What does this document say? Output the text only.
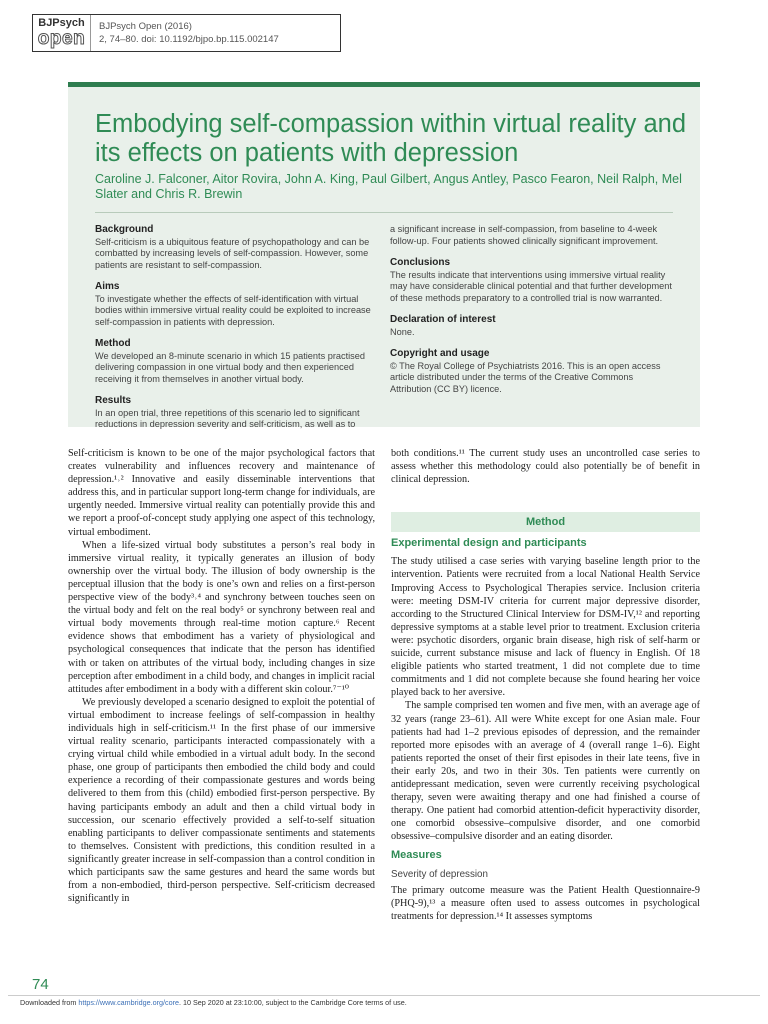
BJPsych
open
BJPsych Open (2016)
2, 74–80. doi: 10.1192/bjpo.bp.115.002147
Embodying self-compassion within virtual reality and its effects on patients with depression
Caroline J. Falconer, Aitor Rovira, John A. King, Paul Gilbert, Angus Antley, Pasco Fearon, Neil Ralph, Mel Slater and Chris R. Brewin
Background
Self-criticism is a ubiquitous feature of psychopathology and can be combatted by increasing levels of self-compassion. However, some patients are resistant to self-compassion.
Aims
To investigate whether the effects of self-identification with virtual bodies within immersive virtual reality could be exploited to increase self-compassion in patients with depression.
Method
We developed an 8-minute scenario in which 15 patients practised delivering compassion in one virtual body and then experienced receiving it from themselves in another virtual body.
Results
In an open trial, three repetitions of this scenario led to significant reductions in depression severity and self-criticism, as well as to
a significant increase in self-compassion, from baseline to 4-week follow-up. Four patients showed clinically significant improvement.
Conclusions
The results indicate that interventions using immersive virtual reality may have considerable clinical potential and that further development of these methods preparatory to a controlled trial is now warranted.
Declaration of interest
None.
Copyright and usage
© The Royal College of Psychiatrists 2016. This is an open access article distributed under the terms of the Creative Commons Attribution (CC BY) licence.

Self-criticism is known to be one of the major psychological factors that creates vulnerability and influences recovery and maintenance of depression.¹˒² Innovative and easily disseminable interventions that address this, and in particular support long-term change for individuals, are urgently needed. Immersive virtual reality can potentially provide this and we report a proof-of-concept study applying one aspect of this technology, virtual embodiment.

When a life-sized virtual body substitutes a person’s real body in immersive virtual reality, it typically generates an illusion of body ownership over the virtual body. The illusion of body ownership is the perceptual illusion that the body is one’s own and relies on a first-person perspective view of the body³˒⁴ and synchrony between touches seen on the virtual body and felt on the real body⁵ or synchrony between real and virtual body movements through real-time motion capture.⁶ Recent evidence shows that embodiment has a variety of physiological and psychological consequences that indicate that the person has identified with or taken on attributes of the virtual body, including changes in size perception after embodiment in a child body, and changes in implicit racial attitudes after embodiment in a body with a different skin colour.⁷⁻¹⁰

We previously developed a scenario designed to exploit the potential of virtual embodiment to increase feelings of self-compassion in healthy individuals high in self-criticism.¹¹ In the first phase of our immersive virtual reality scenario, participants interacted compassionately with a crying virtual child while embodied in a virtual adult body. In the second phase, one group of participants then embodied the child body and could experience a recording of their compassionate gestures and words being delivered to them from this (child) embodied first-person perspective. By having participants embody an adult and then a child virtual body in succession, our scenario effectively provided a self-to-self situation enabling participants to deliver compassionate sentiments and statements to themselves. Consistent with predictions, this condition resulted in a significantly greater increase in self-compassion than a control condition in which participants saw the same gestures and heard the same words but from a non-embodied, third-person perspective. Self-criticism decreased significantly in

both conditions.¹¹ The current study uses an uncontrolled case series to assess whether this methodology could also potentially be of benefit in clinical depression.

Method
Experimental design and participants

The study utilised a case series with varying baseline length prior to the intervention. Patients were recruited from a local National Health Service Improving Access to Psychological Therapies service. Inclusion criteria were: meeting DSM-IV criteria for current major depressive disorder, according to the Structured Clinical Interview for DSM-IV,¹² and reporting depressive symptoms at a stable level prior to treatment. Exclusion criteria were: psychotic disorders, organic brain disease, high risk of self-harm or suicide, current substance misuse and lack of fluency in English. Of 18 eligible patients who started treatment, 1 did not complete due to time commitments and 1 did not complete because she found hearing her voice played back to her aversive.

The sample comprised ten women and five men, with an average age of 32 years (range 23–61). All were White except for one Asian male. Four patients had had 1–2 previous episodes of depression, and the remainder reported more episodes with an average of 4 (overall range 1–6). Eight patients reported the onset of their first episodes in their late teens, five in their early 20s, and two in their 30s. Ten patients were currently on antidepressant medication, seven were currently receiving psychological therapy, seven were awaiting therapy and one had finished a course of therapy. One patient had comorbid attention-deficit hyperactivity disorder, one comorbid obsessive–compulsive disorder, and one comorbid obsessive–compulsive disorder and an eating disorder.

Measures
Severity of depression

The primary outcome measure was the Patient Health Questionnaire-9 (PHQ-9),¹³ a measure often used to assess outcomes in psychological treatments for depression.¹⁴ It assesses symptoms

74
Downloaded from https://www.cambridge.org/core. 10 Sep 2020 at 23:10:00, subject to the Cambridge Core terms of use.
